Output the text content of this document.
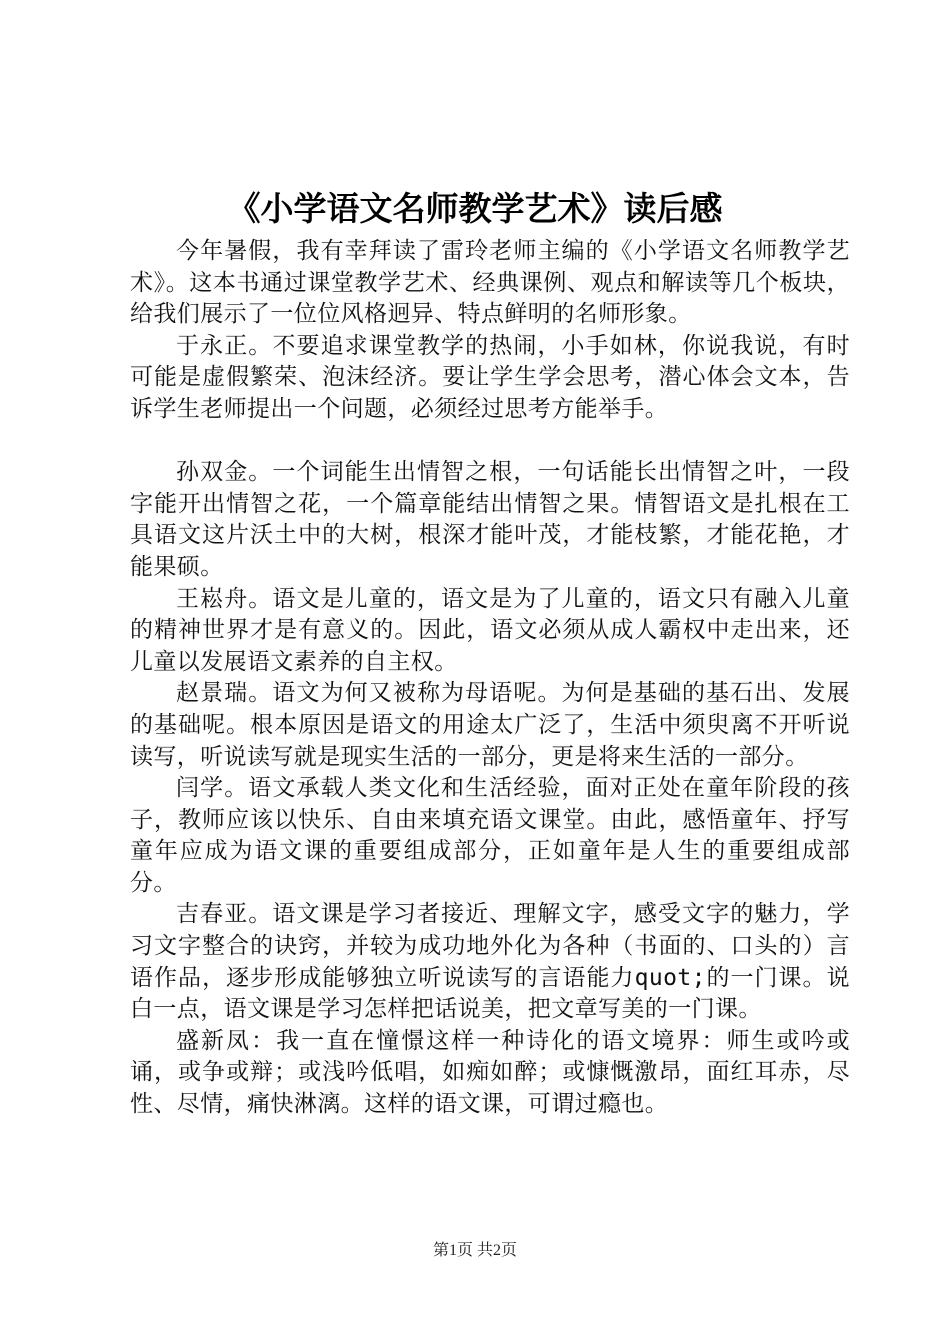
《小学语文名师教学艺术》读后感

今年暑假，我有幸拜读了雷玲老师主编的《小学语文名师教学艺术》。这本书通过课堂教学艺术、经典课例、观点和解读等几个板块，给我们展示了一位位风格迥异、特点鲜明的名师形象。

于永正。不要追求课堂教学的热闹，小手如林，你说我说，有时可能是虚假繁荣、泡沫经济。要让学生学会思考，潜心体会文本，告诉学生老师提出一个问题，必须经过思考方能举手。

孙双金。一个词能生出情智之根，一句话能长出情智之叶，一段字能开出情智之花，一个篇章能结出情智之果。情智语文是扎根在工具语文这片沃土中的大树，根深才能叶茂，才能枝繁，才能花艳，才能果硕。

王崧舟。语文是儿童的，语文是为了儿童的，语文只有融入儿童的精神世界才是有意义的。因此，语文必须从成人霸权中走出来，还儿童以发展语文素养的自主权。

赵景瑞。语文为何又被称为母语呢。为何是基础的基石出、发展的基础呢。根本原因是语文的用途太广泛了，生活中须臾离不开听说读写，听说读写就是现实生活的一部分，更是将来生活的一部分。

闫学。语文承载人类文化和生活经验，面对正处在童年阶段的孩子，教师应该以快乐、自由来填充语文课堂。由此，感悟童年、抒写童年应成为语文课的重要组成部分，正如童年是人生的重要组成部分。

吉春亚。语文课是学习者接近、理解文字，感受文字的魅力，学习文字整合的诀窍，并较为成功地外化为各种（书面的、口头的）言语作品，逐步形成能够独立听说读写的言语能力quot;的一门课。说白一点，语文课是学习怎样把话说美，把文章写美的一门课。

盛新凤：我一直在憧憬这样一种诗化的语文境界：师生或吟或诵，或争或辩；或浅吟低唱，如痴如醉；或慷慨激昂，面红耳赤，尽性、尽情，痛快淋漓。这样的语文课，可谓过瘾也。

第1页 共2页
